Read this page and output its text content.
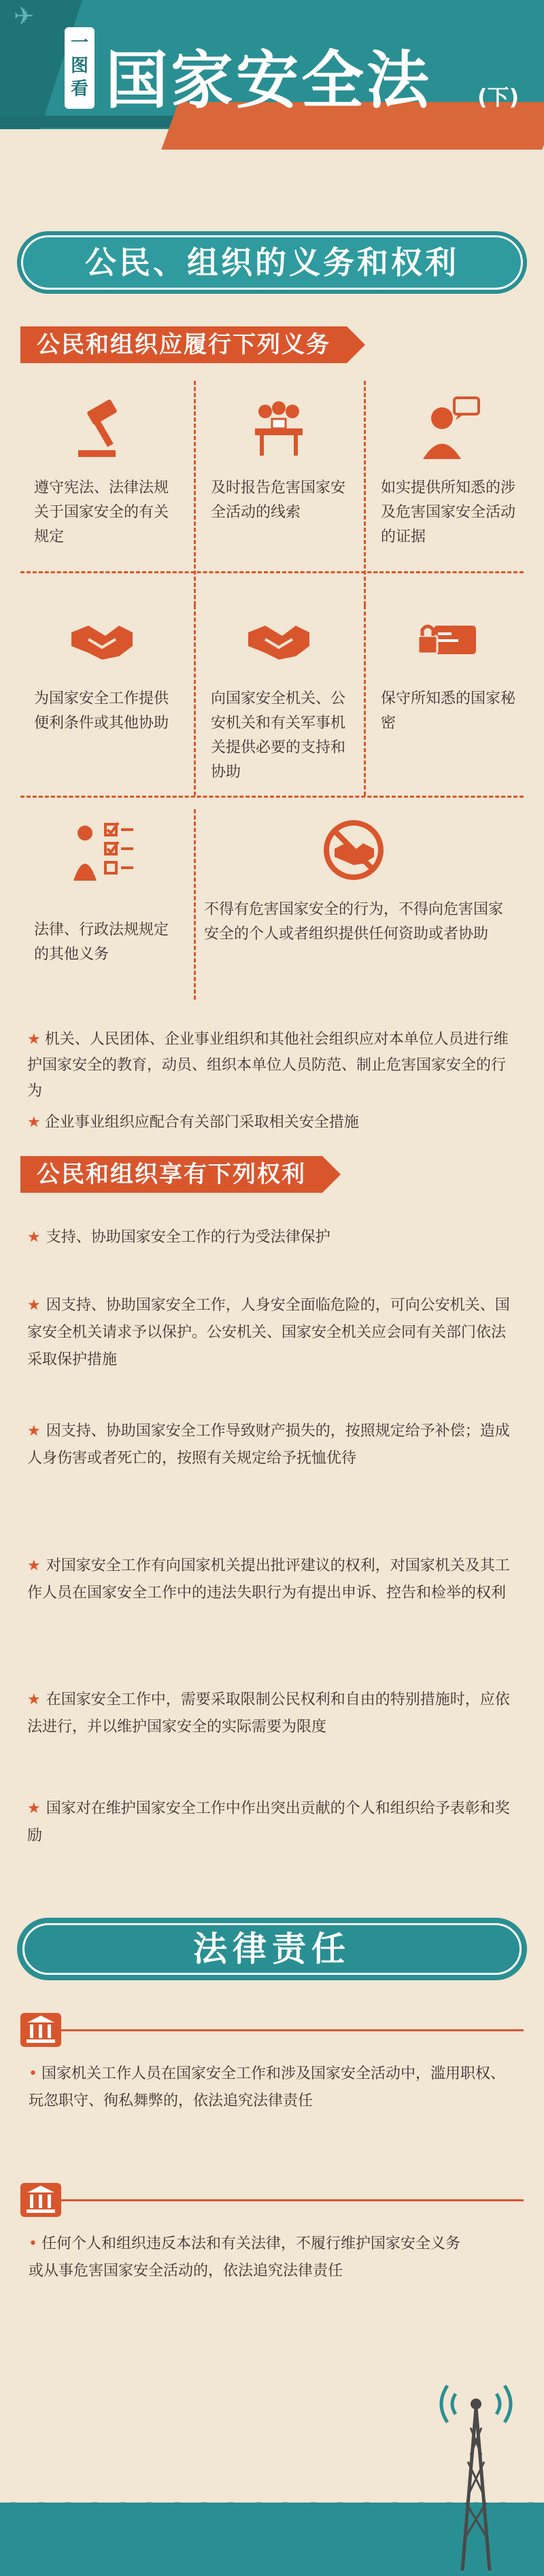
✈
一
图
看 国家安全法 (下)
公民、组织的义务和权利
公民和组织应履行下列义务
遵守宪法、法律法规关于国家安全的有关规定
及时报告危害国家安全活动的线索
如实提供所知悉的涉及危害国家安全活动的证据
为国家安全工作提供便利条件或其他协助
向国家安全机关、公安机关和有关军事机关提供必要的支持和协助
保守所知悉的国家秘密
法律、行政法规规定的其他义务
不得有危害国家安全的行为，不得向危害国家安全的个人或者组织提供任何资助或者协助
★ 机关、人民团体、企业事业组织和其他社会组织应对本单位人员进行维护国家安全的教育，动员、组织本单位人员防范、制止危害国家安全的行为
★ 企业事业组织应配合有关部门采取相关安全措施
公民和组织享有下列权利
★ 支持、协助国家安全工作的行为受法律保护
★ 因支持、协助国家安全工作，人身安全面临危险的，可向公安机关、国家安全机关请求予以保护。公安机关、国家安全机关应会同有关部门依法采取保护措施
★ 因支持、协助国家安全工作导致财产损失的，按照规定给予补偿；造成人身伤害或者死亡的，按照有关规定给予抚恤优待
★ 对国家安全工作有向国家机关提出批评建议的权利，对国家机关及其工作人员在国家安全工作中的违法失职行为有提出申诉、控告和检举的权利
★ 在国家安全工作中，需要采取限制公民权利和自由的特别措施时，应依法进行，并以维护国家安全的实际需要为限度
★ 国家对在维护国家安全工作中作出突出贡献的个人和组织给予表彰和奖励
法律责任
• 国家机关工作人员在国家安全工作和涉及国家安全活动中，滥用职权、玩忽职守、徇私舞弊的，依法追究法律责任
• 任何个人和组织违反本法和有关法律，不履行维护国家安全义务或从事危害国家安全活动的，依法追究法律责任
